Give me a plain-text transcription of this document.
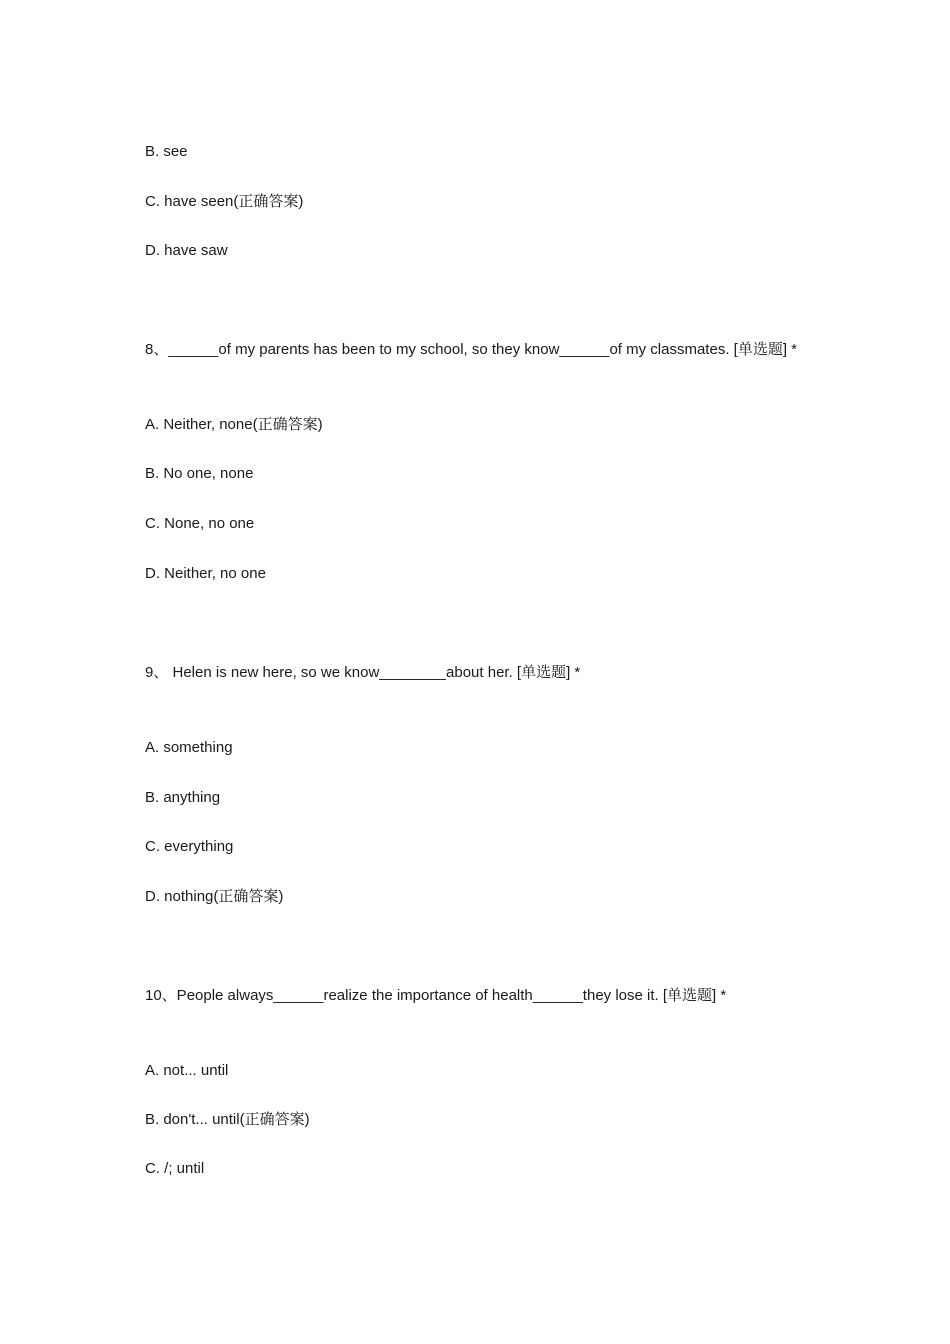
B. see
C. have seen(正确答案)
D. have saw
8、______of my parents has been to my school, so they know______of my classmates. [单选题] *
A. Neither, none(正确答案)
B. No one, none
C. None, no one
D. Neither, no one
9、 Helen is new here, so we know________about her. [单选题] *
A. something
B. anything
C. everything
D. nothing(正确答案)
10、People always______realize the importance of health______they lose it. [单选题] *
A. not... until
B. don't... until(正确答案)
C. /; until
